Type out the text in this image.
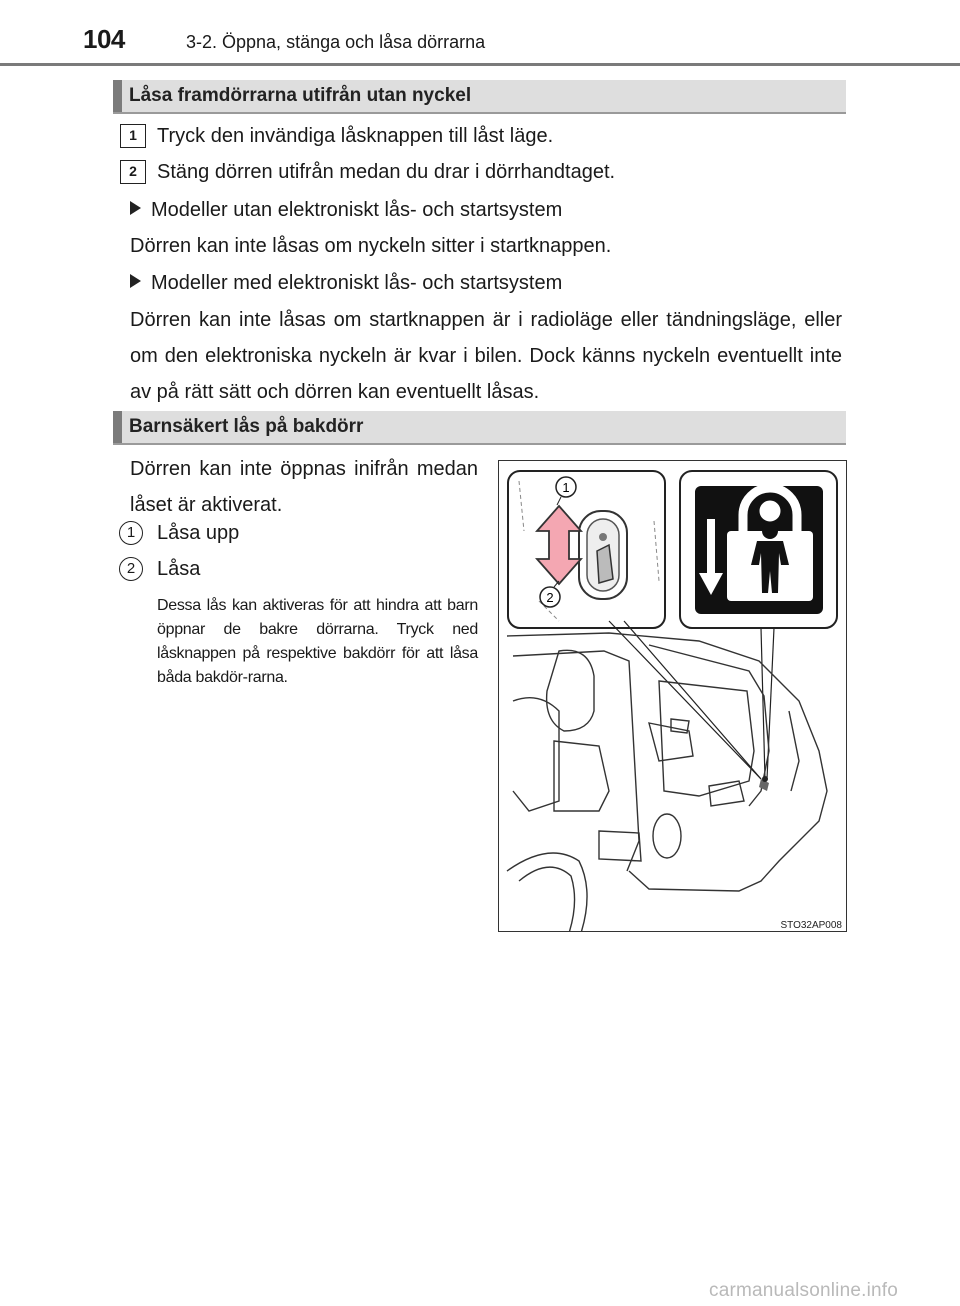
104	3-2. Öppna, stänga och låsa dörrarna
Låsa framdörrarna utifrån utan nyckel
1	Tryck den invändiga låsknappen till låst läge.
2	Stäng dörren utifrån medan du drar i dörrhandtaget.
Modeller utan elektroniskt lås- och startsystem
Dörren kan inte låsas om nyckeln sitter i startknappen.
Modeller med elektroniskt lås- och startsystem
Dörren kan inte låsas om startknappen är i radioläge eller tändningsläge, eller om den elektroniska nyckeln är kvar i bilen. Dock känns nyckeln eventuellt inte av på rätt sätt och dörren kan eventuellt låsas.
Barnsäkert lås på bakdörr
Dörren kan inte öppnas inifrån medan låset är aktiverat.
1	Låsa upp
2	Låsa
Dessa lås kan aktiveras för att hindra att barn öppnar de bakre dörrarna. Tryck ned låsknappen på respektive bakdörr för att låsa båda bakdör-rarna.
1
2
STO32AP008
carmanualsonline.info
